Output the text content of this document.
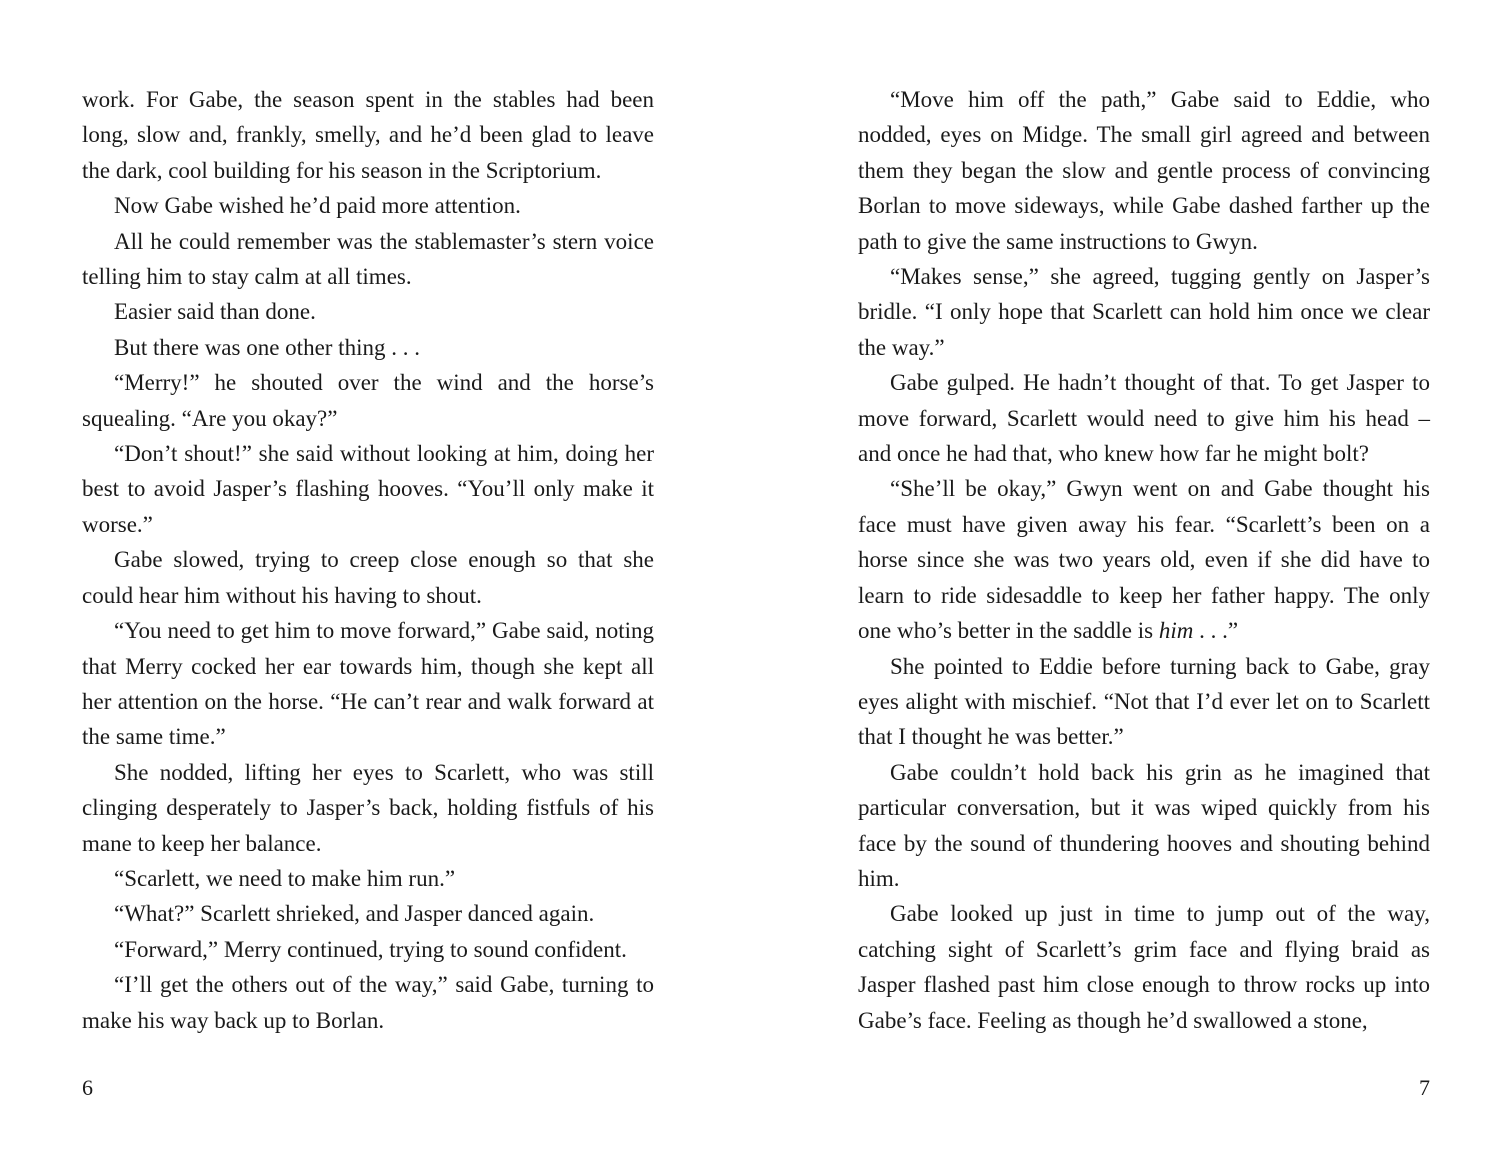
work. For Gabe, the season spent in the stables had been long, slow and, frankly, smelly, and he’d been glad to leave the dark, cool building for his season in the Scriptorium.

Now Gabe wished he’d paid more attention.

All he could remember was the stablemaster’s stern voice telling him to stay calm at all times.

Easier said than done.

But there was one other thing . . .

“Merry!” he shouted over the wind and the horse’s squealing. “Are you okay?”

“Don’t shout!” she said without looking at him, doing her best to avoid Jasper’s flashing hooves. “You’ll only make it worse.”

Gabe slowed, trying to creep close enough so that she could hear him without his having to shout.

“You need to get him to move forward,” Gabe said, noting that Merry cocked her ear towards him, though she kept all her attention on the horse. “He can’t rear and walk forward at the same time.”

She nodded, lifting her eyes to Scarlett, who was still clinging desperately to Jasper’s back, holding fistfuls of his mane to keep her balance.

“Scarlett, we need to make him run.”

“What?” Scarlett shrieked, and Jasper danced again.

“Forward,” Merry continued, trying to sound confident.

“I’ll get the others out of the way,” said Gabe, turning to make his way back up to Borlan.

6

“Move him off the path,” Gabe said to Eddie, who nodded, eyes on Midge. The small girl agreed and between them they began the slow and gentle process of convincing Borlan to move sideways, while Gabe dashed farther up the path to give the same instructions to Gwyn.

“Makes sense,” she agreed, tugging gently on Jasper’s bridle. “I only hope that Scarlett can hold him once we clear the way.”

Gabe gulped. He hadn’t thought of that. To get Jasper to move forward, Scarlett would need to give him his head – and once he had that, who knew how far he might bolt?

“She’ll be okay,” Gwyn went on and Gabe thought his face must have given away his fear. “Scarlett’s been on a horse since she was two years old, even if she did have to learn to ride sidesaddle to keep her father happy. The only one who’s better in the saddle is him . . .”

She pointed to Eddie before turning back to Gabe, gray eyes alight with mischief. “Not that I’d ever let on to Scarlett that I thought he was better.”

Gabe couldn’t hold back his grin as he imagined that particular conversation, but it was wiped quickly from his face by the sound of thundering hooves and shouting behind him.

Gabe looked up just in time to jump out of the way, catching sight of Scarlett’s grim face and flying braid as Jasper flashed past him close enough to throw rocks up into Gabe’s face. Feeling as though he’d swallowed a stone,

7
